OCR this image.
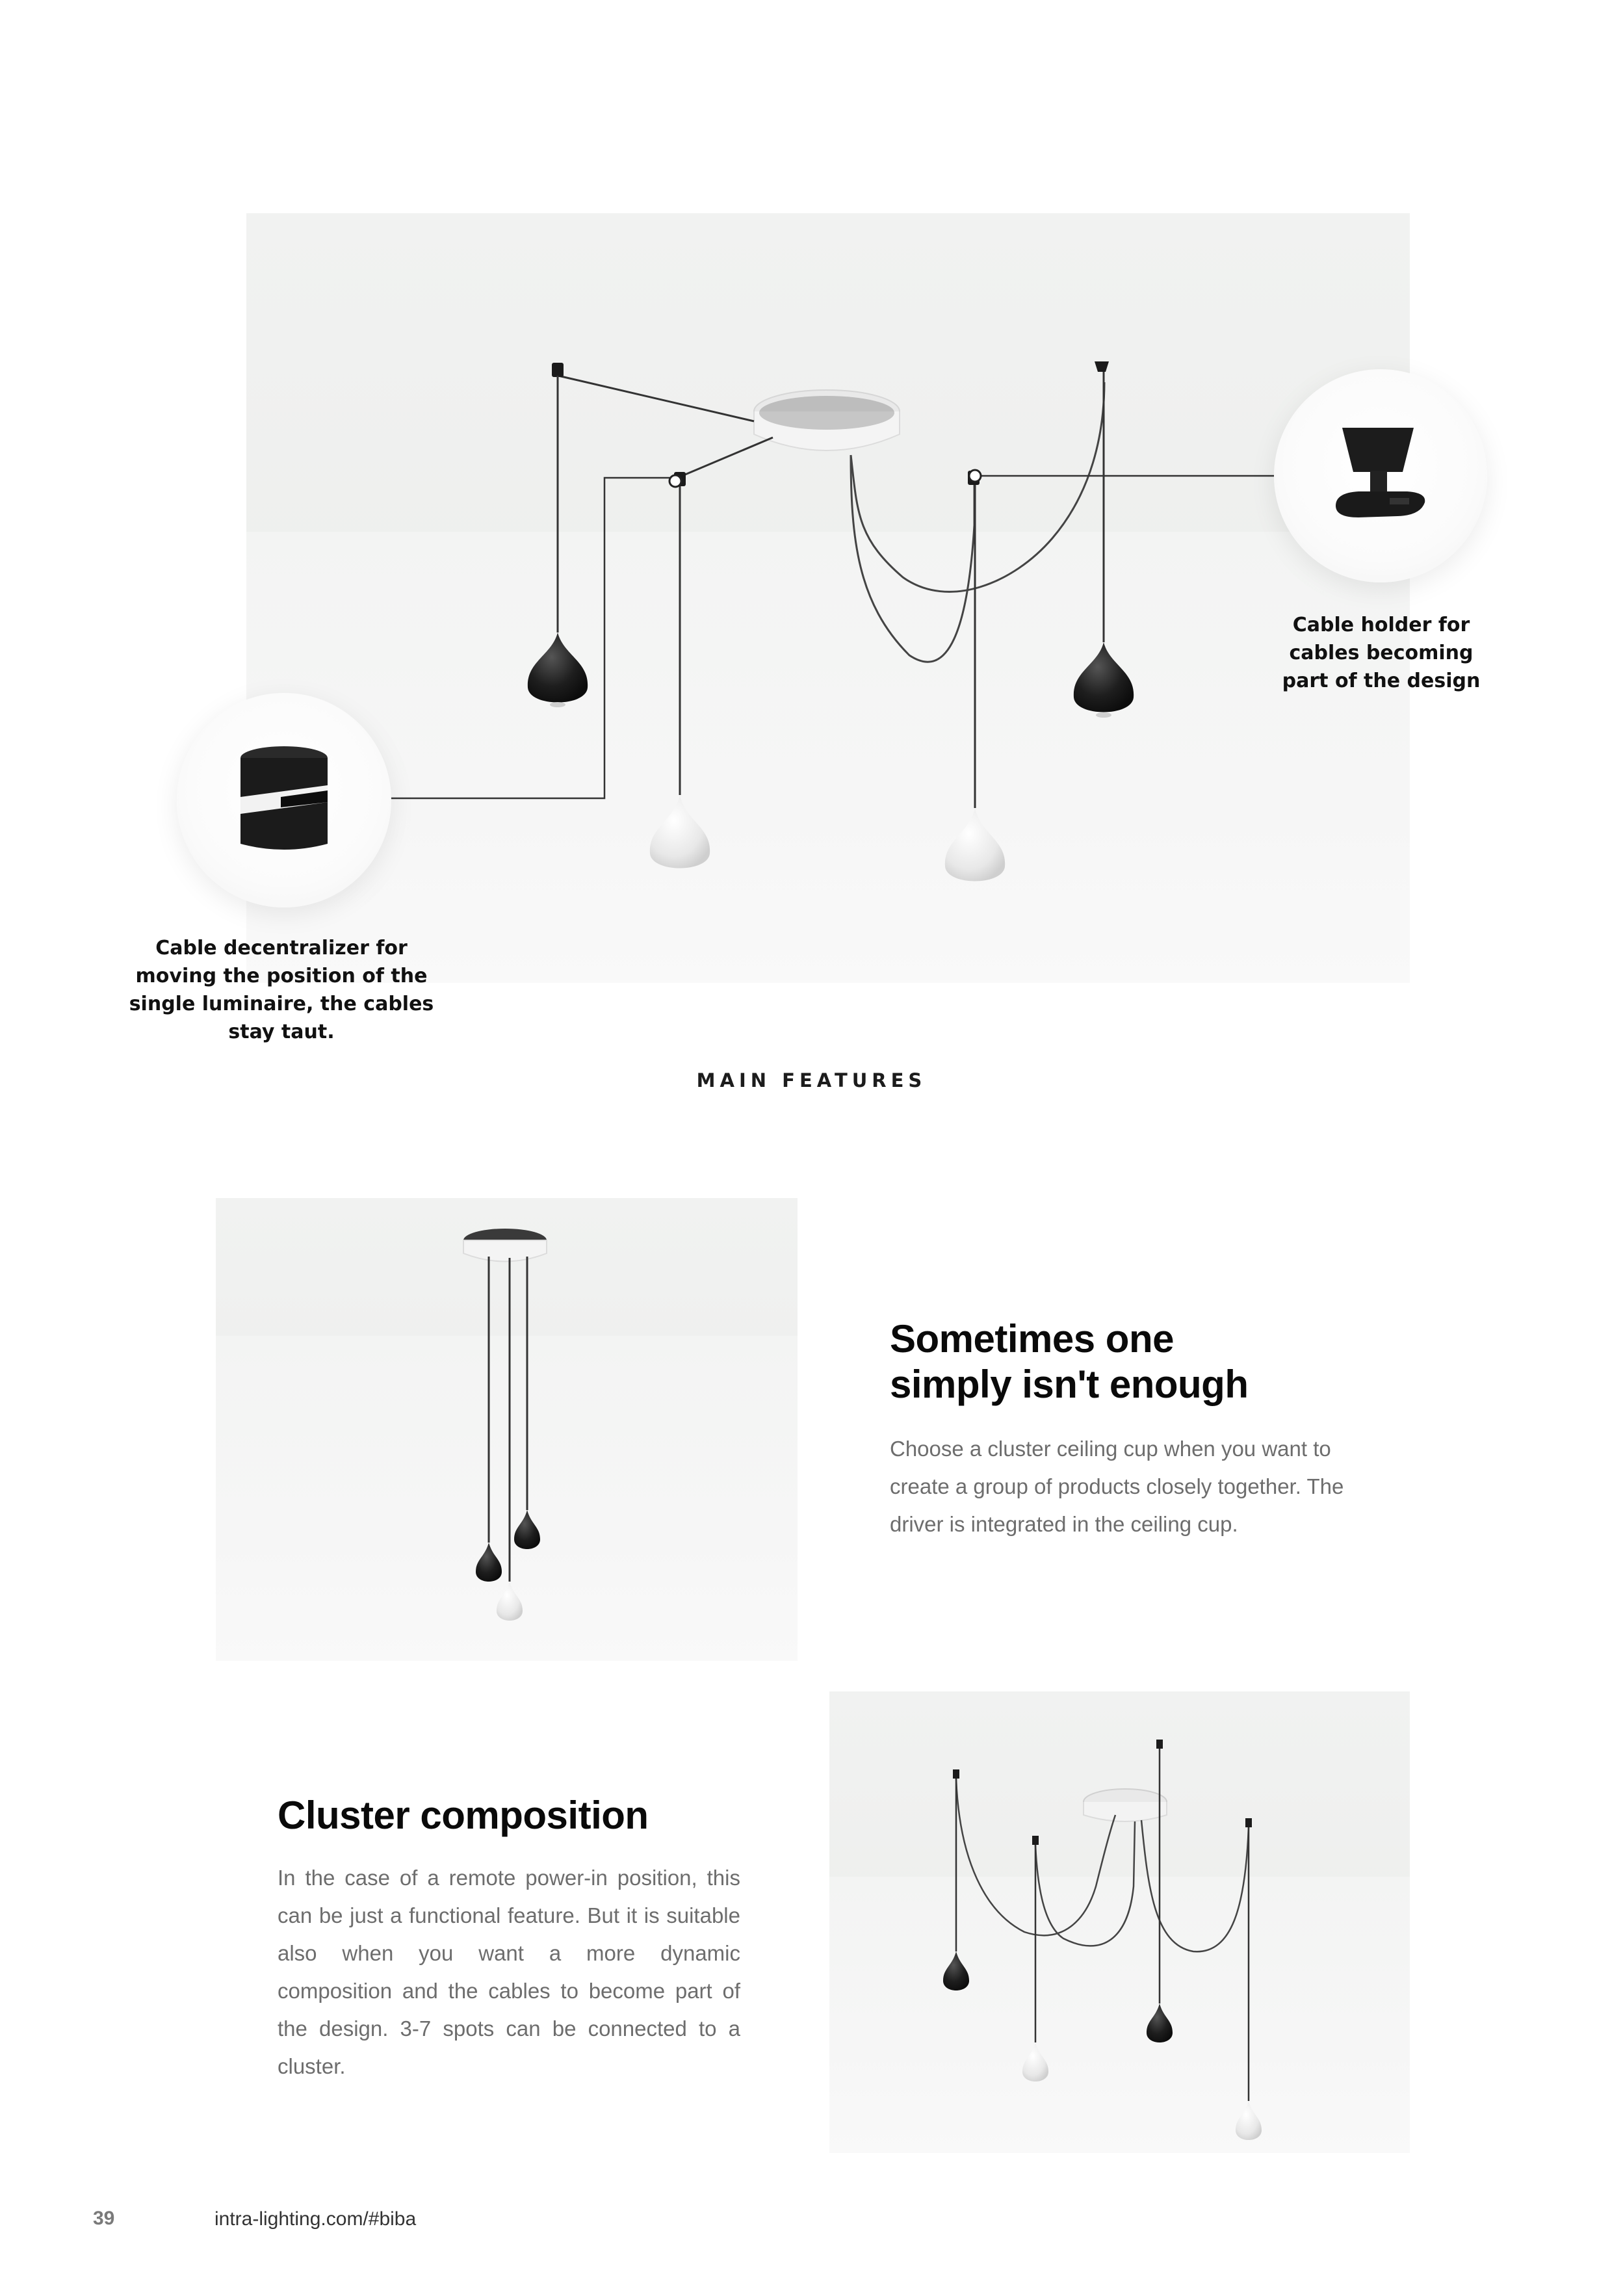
Cable holder for cables becoming part of the design
Cable decentralizer for moving the position of the single luminaire, the cables stay taut.
MAIN FEATURES
Sometimes one
simply isn't enough
Choose a cluster ceiling cup when you want to create a group of products closely together. The driver is integrated in the ceiling cup.
Cluster composition
In the case of a remote power-in position, this can be just a functional feature. But it is suitable also when you want a more dynamic composition and the cables to become part of the design. 3-7 spots can be connected to a cluster.
39	intra-lighting.com/#biba
